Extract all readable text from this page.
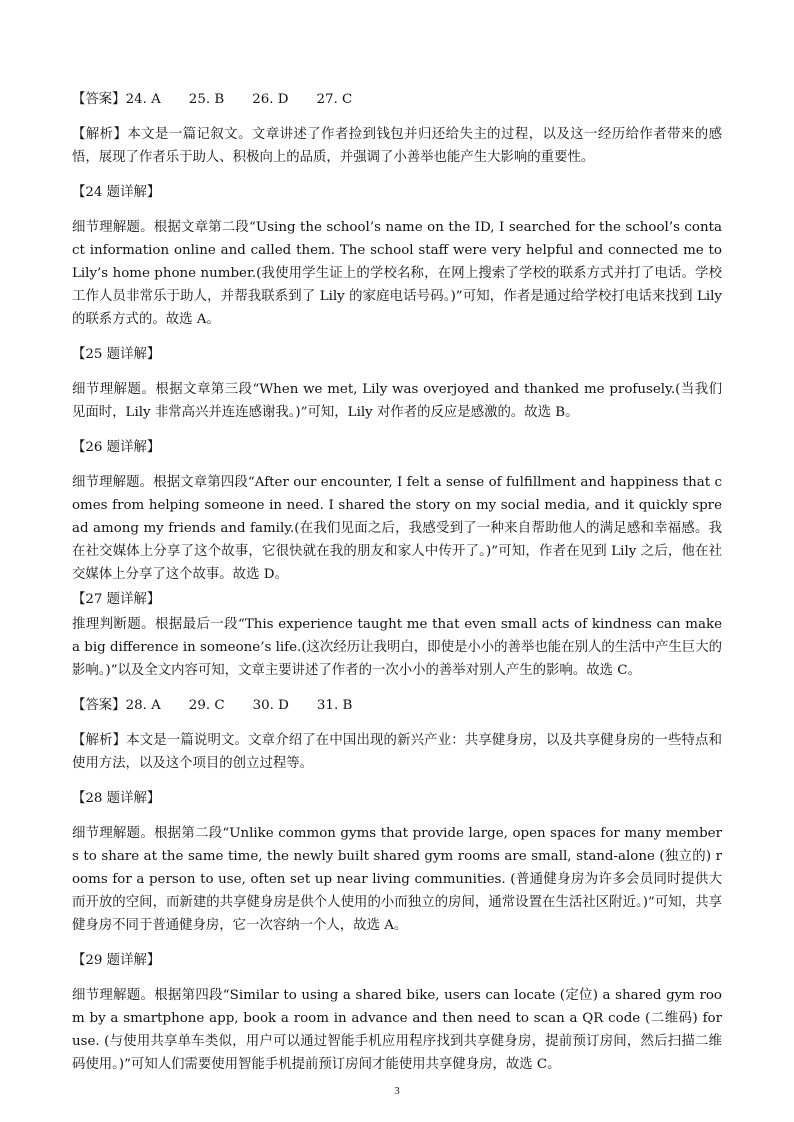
【答案】24. A 25. B 26. D 27. C

【解析】本文是一篇记叙文。文章讲述了作者捡到钱包并归还给失主的过程，以及这一经历给作者带来的感悟，展现了作者乐于助人、积极向上的品质，并强调了小善举也能产生大影响的重要性。

【24 题详解】

细节理解题。根据文章第二段“Using the school’s name on the ID, I searched for the school’s contact information online and called them. The school staff were very helpful and connected me to Lily’s home phone number.(我使用学生证上的学校名称，在网上搜索了学校的联系方式并打了电话。学校工作人员非常乐于助人，并帮我联系到了 Lily 的家庭电话号码。)”可知，作者是通过给学校打电话来找到 Lily 的联系方式的。故选 A。

【25 题详解】

细节理解题。根据文章第三段“When we met, Lily was overjoyed and thanked me profusely.(当我们见面时，Lily 非常高兴并连连感谢我。)”可知，Lily 对作者的反应是感激的。故选 B。

【26 题详解】

细节理解题。根据文章第四段“After our encounter, I felt a sense of fulfillment and happiness that comes from helping someone in need. I shared the story on my social media, and it quickly spread among my friends and family.(在我们见面之后，我感受到了一种来自帮助他人的满足感和幸福感。我在社交媒体上分享了这个故事，它很快就在我的朋友和家人中传开了。)”可知，作者在见到 Lily 之后，他在社交媒体上分享了这个故事。故选 D。

【27 题详解】

推理判断题。根据最后一段“This experience taught me that even small acts of kindness can make a big difference in someone’s life.(这次经历让我明白，即使是小小的善举也能在别人的生活中产生巨大的影响。)”以及全文内容可知，文章主要讲述了作者的一次小小的善举对别人产生的影响。故选 C。

【答案】28. A 29. C 30. D 31. B

【解析】本文是一篇说明文。文章介绍了在中国出现的新兴产业：共享健身房，以及共享健身房的一些特点和使用方法，以及这个项目的创立过程等。

【28 题详解】

细节理解题。根据第二段“Unlike common gyms that provide large, open spaces for many members to share at the same time, the newly built shared gym rooms are small, stand-alone (独立的) rooms for a person to use, often set up near living communities. (普通健身房为许多会员同时提供大而开放的空间，而新建的共享健身房是供个人使用的小而独立的房间，通常设置在生活社区附近。)”可知，共享健身房不同于普通健身房，它一次容纳一个人，故选 A。

【29 题详解】

细节理解题。根据第四段“Similar to using a shared bike, users can locate (定位) a shared gym room by a smartphone app, book a room in advance and then need to scan a QR code (二维码) for use. (与使用共享单车类似，用户可以通过智能手机应用程序找到共享健身房，提前预订房间，然后扫描二维码使用。)”可知人们需要使用智能手机提前预订房间才能使用共享健身房，故选 C。

3
